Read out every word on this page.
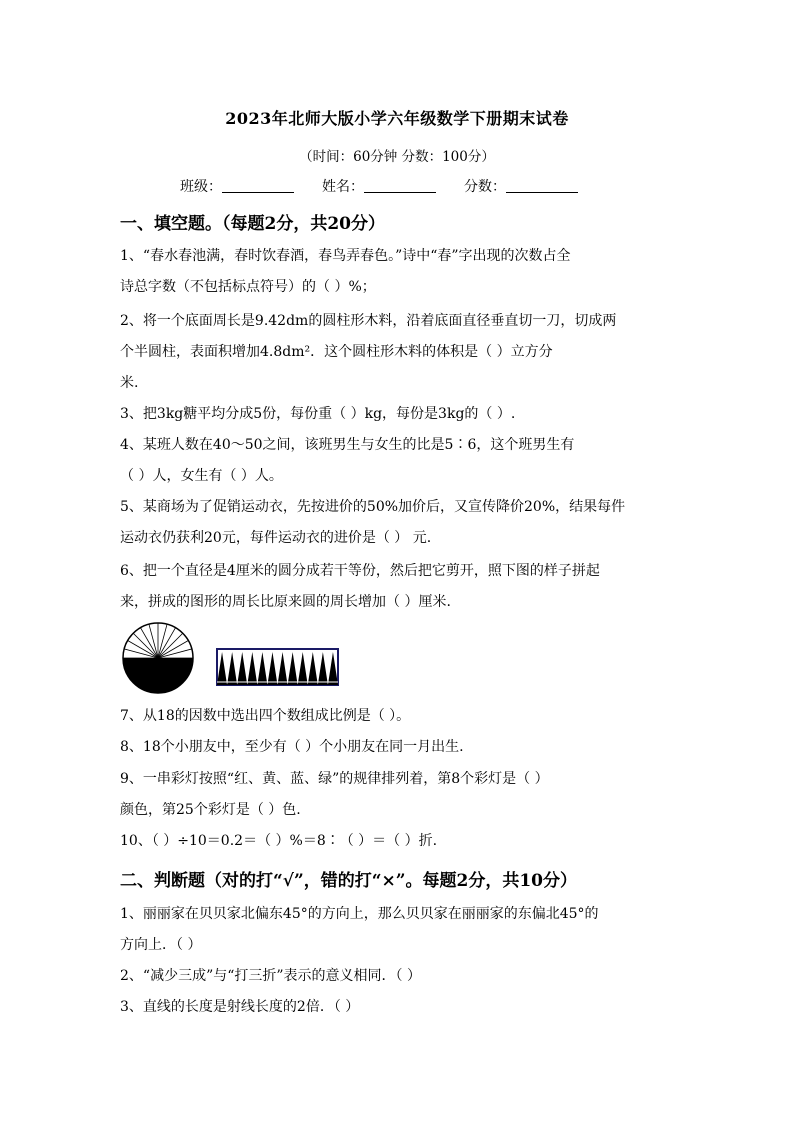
2023年北师大版小学六年级数学下册期末试卷
（时间：60分钟 分数：100分）
班级：	姓名：	分数：
一、填空题。（每题2分，共20分）
1、“春水春池满，春时饮春酒，春鸟弄春色。”诗中“春”字出现的次数占全
诗总字数（不包括标点符号）的（ ）%；
2、将一个底面周长是9.42dm的圆柱形木料，沿着底面直径垂直切一刀，切成两
个半圆柱，表面积增加4.8dm²．这个圆柱形木料的体积是（ ）立方分
米.
3、把3kg糖平均分成5份，每份重（ ）kg，每份是3kg的（ ）.
4、某班人数在40～50之间，该班男生与女生的比是5∶6，这个班男生有
（ ）人，女生有（ ）人。
5、某商场为了促销运动衣，先按进价的50%加价后，又宣传降价20%，结果每件
运动衣仍获利20元，每件运动衣的进价是（ ） 元.
6、把一个直径是4厘米的圆分成若干等份，然后把它剪开，照下图的样子拼起
来，拼成的图形的周长比原来圆的周长增加（ ）厘米.
7、从18的因数中选出四个数组成比例是（ ）。
8、18个小朋友中，至少有（ ）个小朋友在同一月出生.
9、一串彩灯按照“红、黄、蓝、绿”的规律排列着，第8个彩灯是（ ）
颜色，第25个彩灯是（ ）色.
10、（ ）÷10＝0.2＝（ ）%＝8∶（ ）＝（ ）折.
二、判断题（对的打“√”，错的打“×”。每题2分，共10分）
1、丽丽家在贝贝家北偏东45°的方向上，那么贝贝家在丽丽家的东偏北45°的
方向上．（ ）
2、“减少三成”与“打三折”表示的意义相同．（ ）
3、直线的长度是射线长度的2倍．（ ）
